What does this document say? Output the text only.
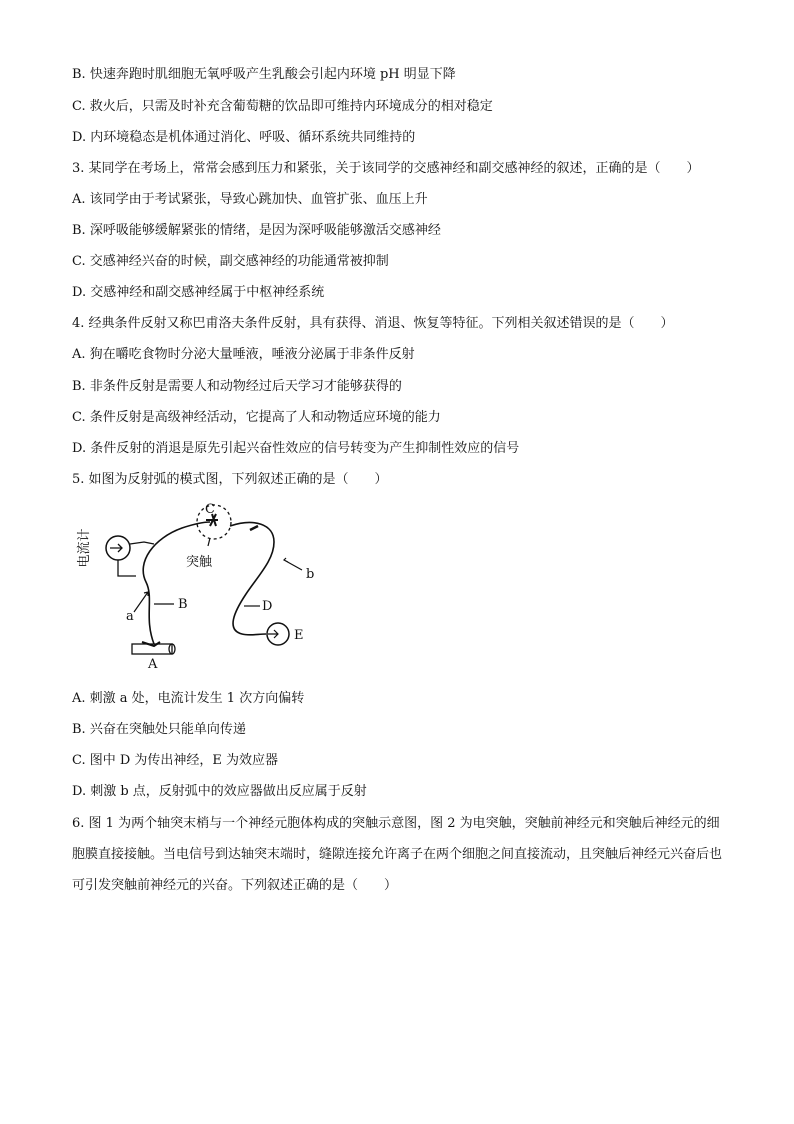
B. 快速奔跑时肌细胞无氧呼吸产生乳酸会引起内环境 pH 明显下降
C. 救火后，只需及时补充含葡萄糖的饮品即可维持内环境成分的相对稳定
D. 内环境稳态是机体通过消化、呼吸、循环系统共同维持的
3. 某同学在考场上，常常会感到压力和紧张，关于该同学的交感神经和副交感神经的叙述，正确的是（　　）
A. 该同学由于考试紧张，导致心跳加快、血管扩张、血压上升
B. 深呼吸能够缓解紧张的情绪，是因为深呼吸能够激活交感神经
C. 交感神经兴奋的时候，副交感神经的功能通常被抑制
D. 交感神经和副交感神经属于中枢神经系统
4. 经典条件反射又称巴甫洛夫条件反射，具有获得、消退、恢复等特征。下列相关叙述错误的是（　　）
A. 狗在嚼吃食物时分泌大量唾液，唾液分泌属于非条件反射
B. 非条件反射是需要人和动物经过后天学习才能够获得的
C. 条件反射是高级神经活动，它提高了人和动物适应环境的能力
D. 条件反射的消退是原先引起兴奋性效应的信号转变为产生抑制性效应的信号
5. 如图为反射弧的模式图，下列叙述正确的是（　　）
电流计
C
突触
b
a
B	D
E
A
A. 刺激 a 处，电流计发生 1 次方向偏转
B. 兴奋在突触处只能单向传递
C. 图中 D 为传出神经，E 为效应器
D. 刺激 b 点，反射弧中的效应器做出反应属于反射
6. 图 1 为两个轴突末梢与一个神经元胞体构成的突触示意图，图 2 为电突触，突触前神经元和突触后神经元的细胞膜直接接触。当电信号到达轴突末端时，缝隙连接允许离子在两个细胞之间直接流动，且突触后神经元兴奋后也可引发突触前神经元的兴奋。下列叙述正确的是（　　）
